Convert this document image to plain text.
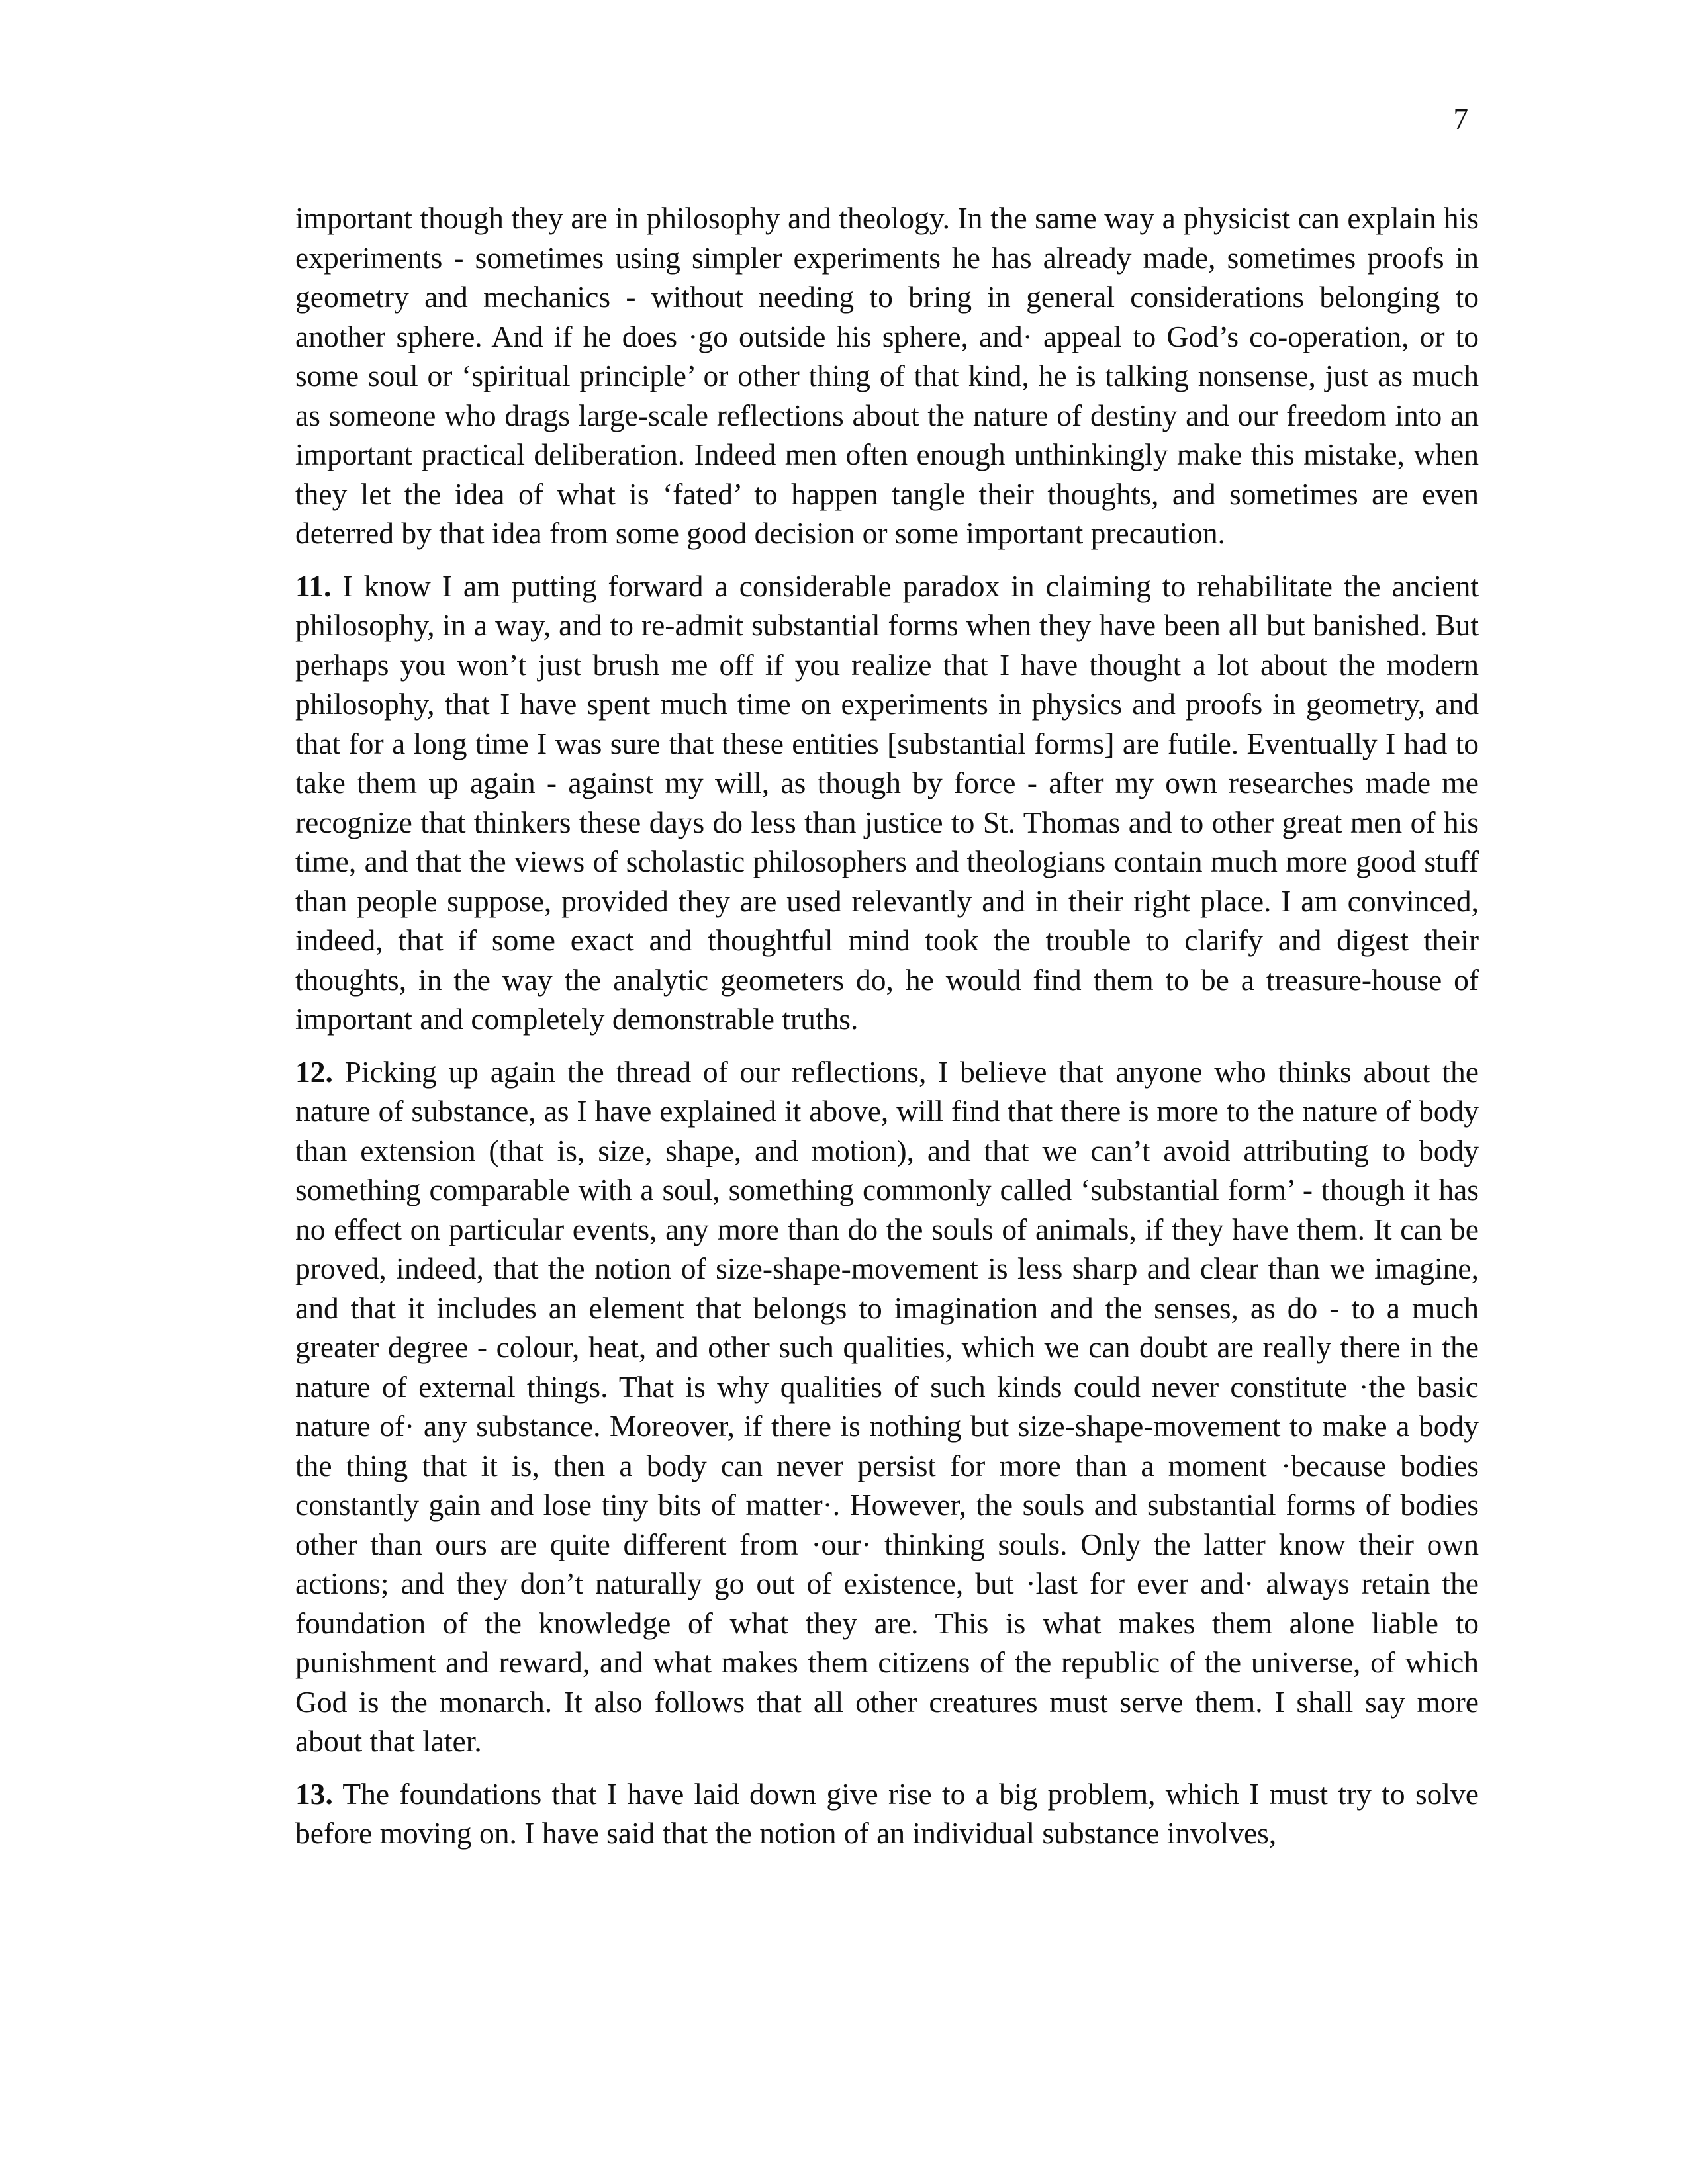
7

important though they are in philosophy and theology. In the same way a physicist can explain his experiments - sometimes using simpler experiments he has already made, sometimes proofs in geometry and mechanics - without needing to bring in general considerations belonging to another sphere. And if he does ·go outside his sphere, and· appeal to God’s co-operation, or to some soul or ‘spiritual principle’ or other thing of that kind, he is talking nonsense, just as much as someone who drags large-scale reflections about the nature of destiny and our freedom into an important practical deliberation. Indeed men often enough unthinkingly make this mistake, when they let the idea of what is ‘fated’ to happen tangle their thoughts, and sometimes are even deterred by that idea from some good decision or some important precaution.

11. I know I am putting forward a considerable paradox in claiming to rehabilitate the ancient philosophy, in a way, and to re-admit substantial forms when they have been all but banished. But perhaps you won’t just brush me off if you realize that I have thought a lot about the modern philosophy, that I have spent much time on experiments in physics and proofs in geometry, and that for a long time I was sure that these entities [substantial forms] are futile. Eventually I had to take them up again - against my will, as though by force - after my own researches made me recognize that thinkers these days do less than justice to St. Thomas and to other great men of his time, and that the views of scholastic philosophers and theologians contain much more good stuff than people suppose, provided they are used relevantly and in their right place. I am convinced, indeed, that if some exact and thoughtful mind took the trouble to clarify and digest their thoughts, in the way the analytic geometers do, he would find them to be a treasure-house of important and completely demonstrable truths.

12. Picking up again the thread of our reflections, I believe that anyone who thinks about the nature of substance, as I have explained it above, will find that there is more to the nature of body than extension (that is, size, shape, and motion), and that we can’t avoid attributing to body something comparable with a soul, something commonly called ‘substantial form’ - though it has no effect on particular events, any more than do the souls of animals, if they have them. It can be proved, indeed, that the notion of size-shape-movement is less sharp and clear than we imagine, and that it includes an element that belongs to imagination and the senses, as do - to a much greater degree - colour, heat, and other such qualities, which we can doubt are really there in the nature of external things. That is why qualities of such kinds could never constitute ·the basic nature of· any substance. Moreover, if there is nothing but size-shape-movement to make a body the thing that it is, then a body can never persist for more than a moment ·because bodies constantly gain and lose tiny bits of matter·. However, the souls and substantial forms of bodies other than ours are quite different from ·our· thinking souls. Only the latter know their own actions; and they don’t naturally go out of existence, but ·last for ever and· always retain the foundation of the knowledge of what they are. This is what makes them alone liable to punishment and reward, and what makes them citizens of the republic of the universe, of which God is the monarch. It also follows that all other creatures must serve them. I shall say more about that later.

13. The foundations that I have laid down give rise to a big problem, which I must try to solve before moving on. I have said that the notion of an individual substance involves,
